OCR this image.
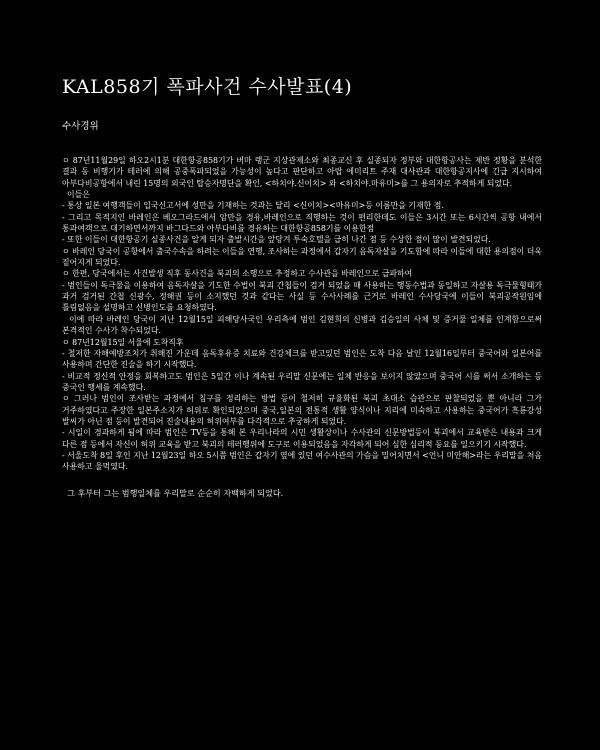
KAL858기 폭파사건 수사발표(4)
수사경위

ㅇ 87년11월29일 하오2시1분 대한항공858기가 버마 랭군 지상관제소와 최종교신 후 실종되자 정부와 대한항공사는 제반 정황을 분석한 결과 동 비행기가 테러에 의해 공중폭파되었을 가능성이 높다고 판단하고 아랍 에미리트 주재 대사관과 대한항공지사에 긴급 지시하여 아부다비공항에서 내린 15명의 외국인 탑승자명단을 확인, <하치야.신이치> 와 <하치야.마유미>를 그 용의자로 추적하게 되었다.

이들은

- 통상 일본 여행객들이 입국신고서에 성만을 기재하는 것과는 달리 <신이치><마유미>등 이름만을 기재한 점.

- 그리고 목적지인 바레인은 베오그라드에서 암만을 경유,바레인으로 직행하는 것이 편리한데도 이들은 3시간 또는 6시간씩 공항 내에서 통과여객으로 대기하면서까지 바그다드와 아부다비를 경유하는 대한항공858기를 이용한점

- 또한 이들이 대한항공기 실종사건을 알게 되자 출발시간을 앞당겨 투숙호텔을 급히 나간 점 등 수상한 점이 많이 발견되었다.

ㅇ 바레인 당국이 공항에서 출국수속을 하려는 이들을 연행, 조사하는 과정에서 갑자기 음독자살을 기도함에 따라 이들에 대한 용의점이 더욱 짙어지게 되었다.

ㅇ 한편, 당국에서는 사건발생 직후 동사건을 북괴의 소행으로 추정하고 수사관을 바레인으로 급파하여

- 범인들이 독극물을 이용하여 음독자살을 기도한 수법이 북괴 간첩들이 검거 되었을 때 사용하는 행동수법과 동일하고 자살용 독극물형태가 과거 검거된 간첩 신광수, 정해권 등이 소지했던 것과 같다는 사실 등 수사사례를 근거로 바레인 수사당국에 이들이 북괴공작원임에 틀림없음을 설명하고 신병인도를 요청하였다.

이에 따라 바레인 당국이 지난 12월15일 피해당사국인 우리측에 범인 김현희의 신병과 김승일의 사체 및 증거물 일체를 인계함으로써 본격적인 수사가 착수되었다.

ㅇ 87년12월15일 서울에 도착직후

- 철저한 자해예방조치가 취해진 가운데 음독후유증 치료와 건강체크를 받고있던 범인은 도착 다음 날인 12월16일부터 중국어와 일본어를 사용하며 간단한 진술을 하기 시작했다.

- 비교적 정신적 안정을 회복하고도 범인은 5일간 이나 계속된 우리말 신문에는 일체 반응을 보이지 않았으며 중국어 시를 써서 소개하는 등 중국인 행세를 계속했다.

ㅇ 그러나 범인이 조사받는 과정에서 침구를 정리하는 방법 등이 철저히 규율화된 북괴 초대소 습관으로 판찰되었을 뿐 아니라 그가 거주하였다고 주장한 일본주소지가 허위로 확인되었으며 중국,일본의 전통적 생활 양식이나 지리에 미숙하고 사용하는 중국어가 흑룡강성 발씨가 아닌 점 등이 발견되어 진술내용의 허위여부를 다각적으로 추궁하게 되었다.

- 시일이 경과하게 됨에 따라 범인은 TV등을 통해 본 우리나라의 시민 생활상이나 수사관의 신문방법등이 북괴에서 교육받은 내용과 크게 다른 점 등에서 자신이 허위 교육을 받고 북괴의 테러행위에 도구로 이용되었음을 자각하게 되어 심한 심리적 동요를 일으키기 시작했다.

- 서울도착 8일 후인 지난 12월23일 하오 5시쯤 범인은 갑자기 옆에 있던 여수사관의 가슴을 밀어치면서 <언니 미안해>라는 우리말을 처음 사용하고 울먹였다.

그 후부터 그는 범행일체를 우리말로 순순히 자백하게 되었다.
